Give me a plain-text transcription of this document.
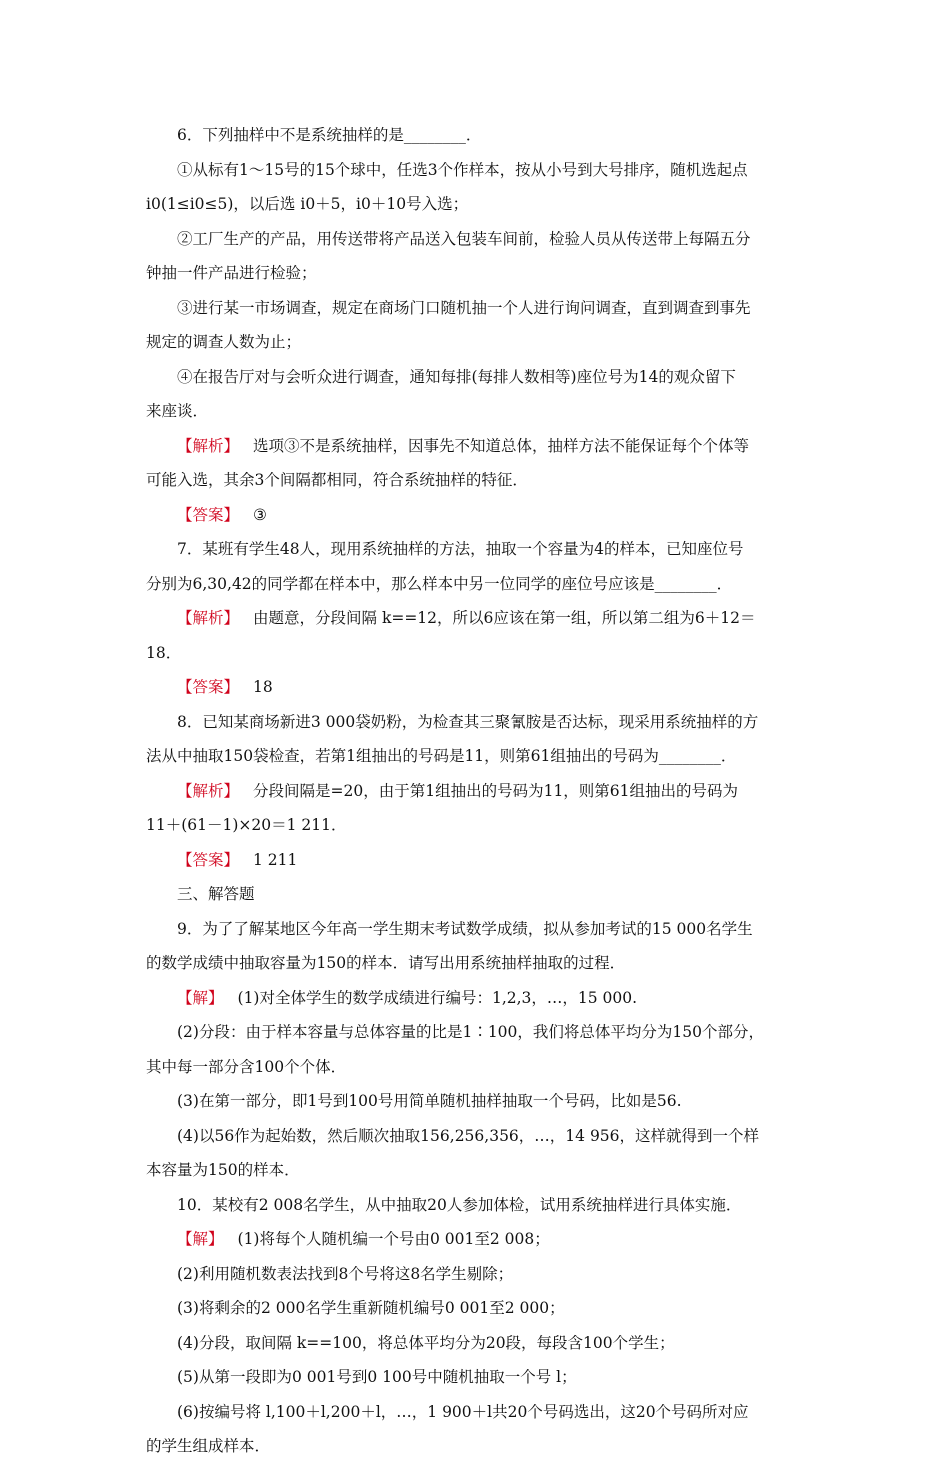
6．下列抽样中不是系统抽样的是________．

①从标有1～15号的15个球中，任选3个作样本，按从小号到大号排序，随机选起点

i0(1≤i0≤5)，以后选 i0＋5，i0＋10号入选；

②工厂生产的产品，用传送带将产品送入包装车间前，检验人员从传送带上每隔五分

钟抽一件产品进行检验；

③进行某一市场调查，规定在商场门口随机抽一个人进行询问调查，直到调查到事先

规定的调查人数为止；

④在报告厅对与会听众进行调查，通知每排(每排人数相等)座位号为14的观众留下

来座谈．

【解析】 选项③不是系统抽样，因事先不知道总体，抽样方法不能保证每个个体等

可能入选，其余3个间隔都相同，符合系统抽样的特征．

【答案】 ③

7．某班有学生48人，现用系统抽样的方法，抽取一个容量为4的样本，已知座位号

分别为6,30,42的同学都在样本中，那么样本中另一位同学的座位号应该是________．

【解析】 由题意，分段间隔 k==12，所以6应该在第一组，所以第二组为6＋12＝

18．

【答案】 18

8．已知某商场新进3 000袋奶粉，为检查其三聚氰胺是否达标，现采用系统抽样的方

法从中抽取150袋检查，若第1组抽出的号码是11，则第61组抽出的号码为________．

【解析】 分段间隔是=20，由于第1组抽出的号码为11，则第61组抽出的号码为

11＋(61－1)×20＝1 211．

【答案】 1 211

三、解答题

9．为了了解某地区今年高一学生期末考试数学成绩，拟从参加考试的15 000名学生

的数学成绩中抽取容量为150的样本．请写出用系统抽样抽取的过程．

【解】 (1)对全体学生的数学成绩进行编号：1,2,3，…，15 000.

(2)分段：由于样本容量与总体容量的比是1∶100，我们将总体平均分为150个部分，

其中每一部分含100个个体．

(3)在第一部分，即1号到100号用简单随机抽样抽取一个号码，比如是56.

(4)以56作为起始数，然后顺次抽取156,256,356，…，14 956，这样就得到一个样

本容量为150的样本．

10．某校有2 008名学生，从中抽取20人参加体检，试用系统抽样进行具体实施．

【解】 (1)将每个人随机编一个号由0 001至2 008；

(2)利用随机数表法找到8个号将这8名学生剔除；

(3)将剩余的2 000名学生重新随机编号0 001至2 000；

(4)分段，取间隔 k==100，将总体平均分为20段，每段含100个学生；

(5)从第一段即为0 001号到0 100号中随机抽取一个号 l；

(6)按编号将 l,100＋l,200＋l，…，1 900＋l共20个号码选出，这20个号码所对应

的学生组成样本．
